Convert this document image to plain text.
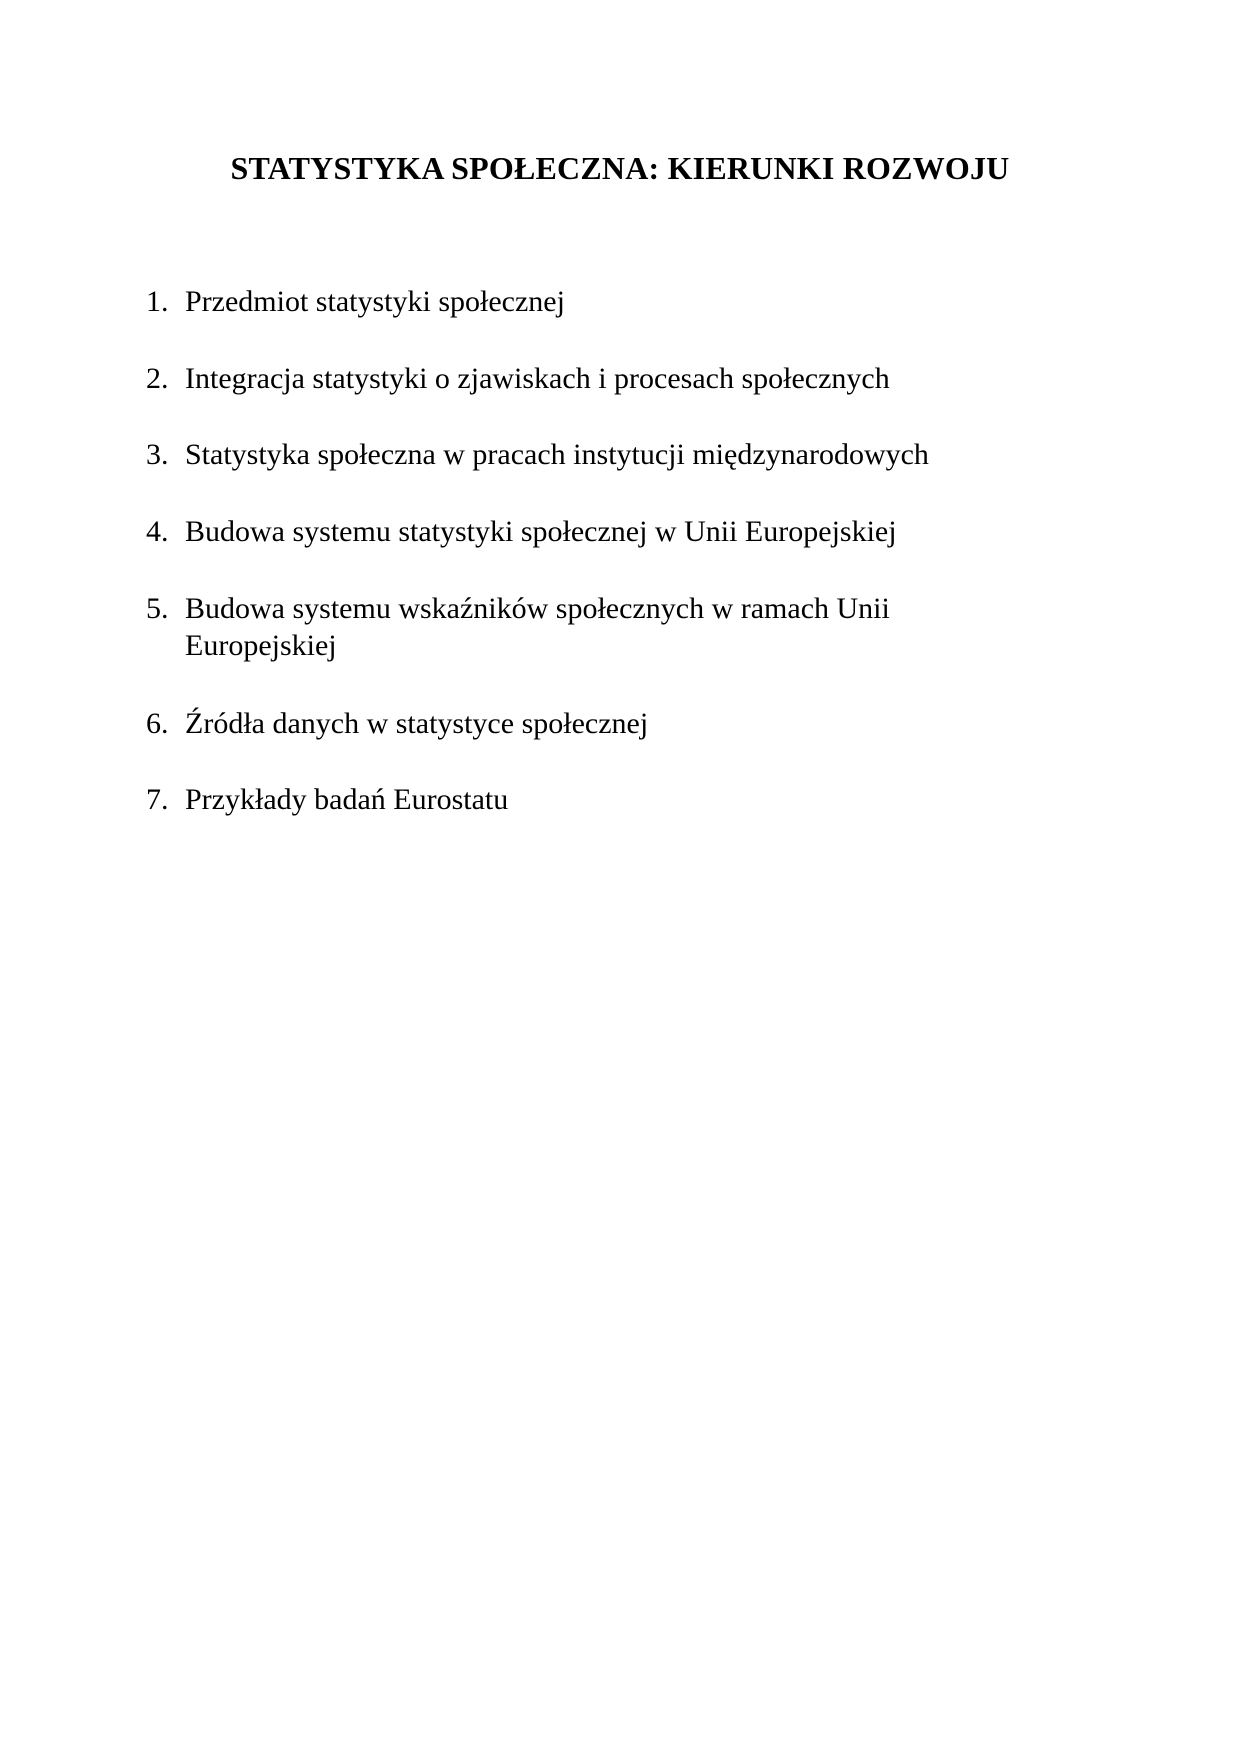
STATYSTYKA SPOŁECZNA: KIERUNKI ROZWOJU
1. Przedmiot statystyki społecznej
2. Integracja statystyki o zjawiskach i procesach społecznych
3. Statystyka społeczna w pracach instytucji międzynarodowych
4. Budowa systemu statystyki społecznej w Unii Europejskiej
5. Budowa systemu wskaźników społecznych w ramach Unii Europejskiej
6. Źródła danych w statystyce społecznej
7. Przykłady badań Eurostatu
